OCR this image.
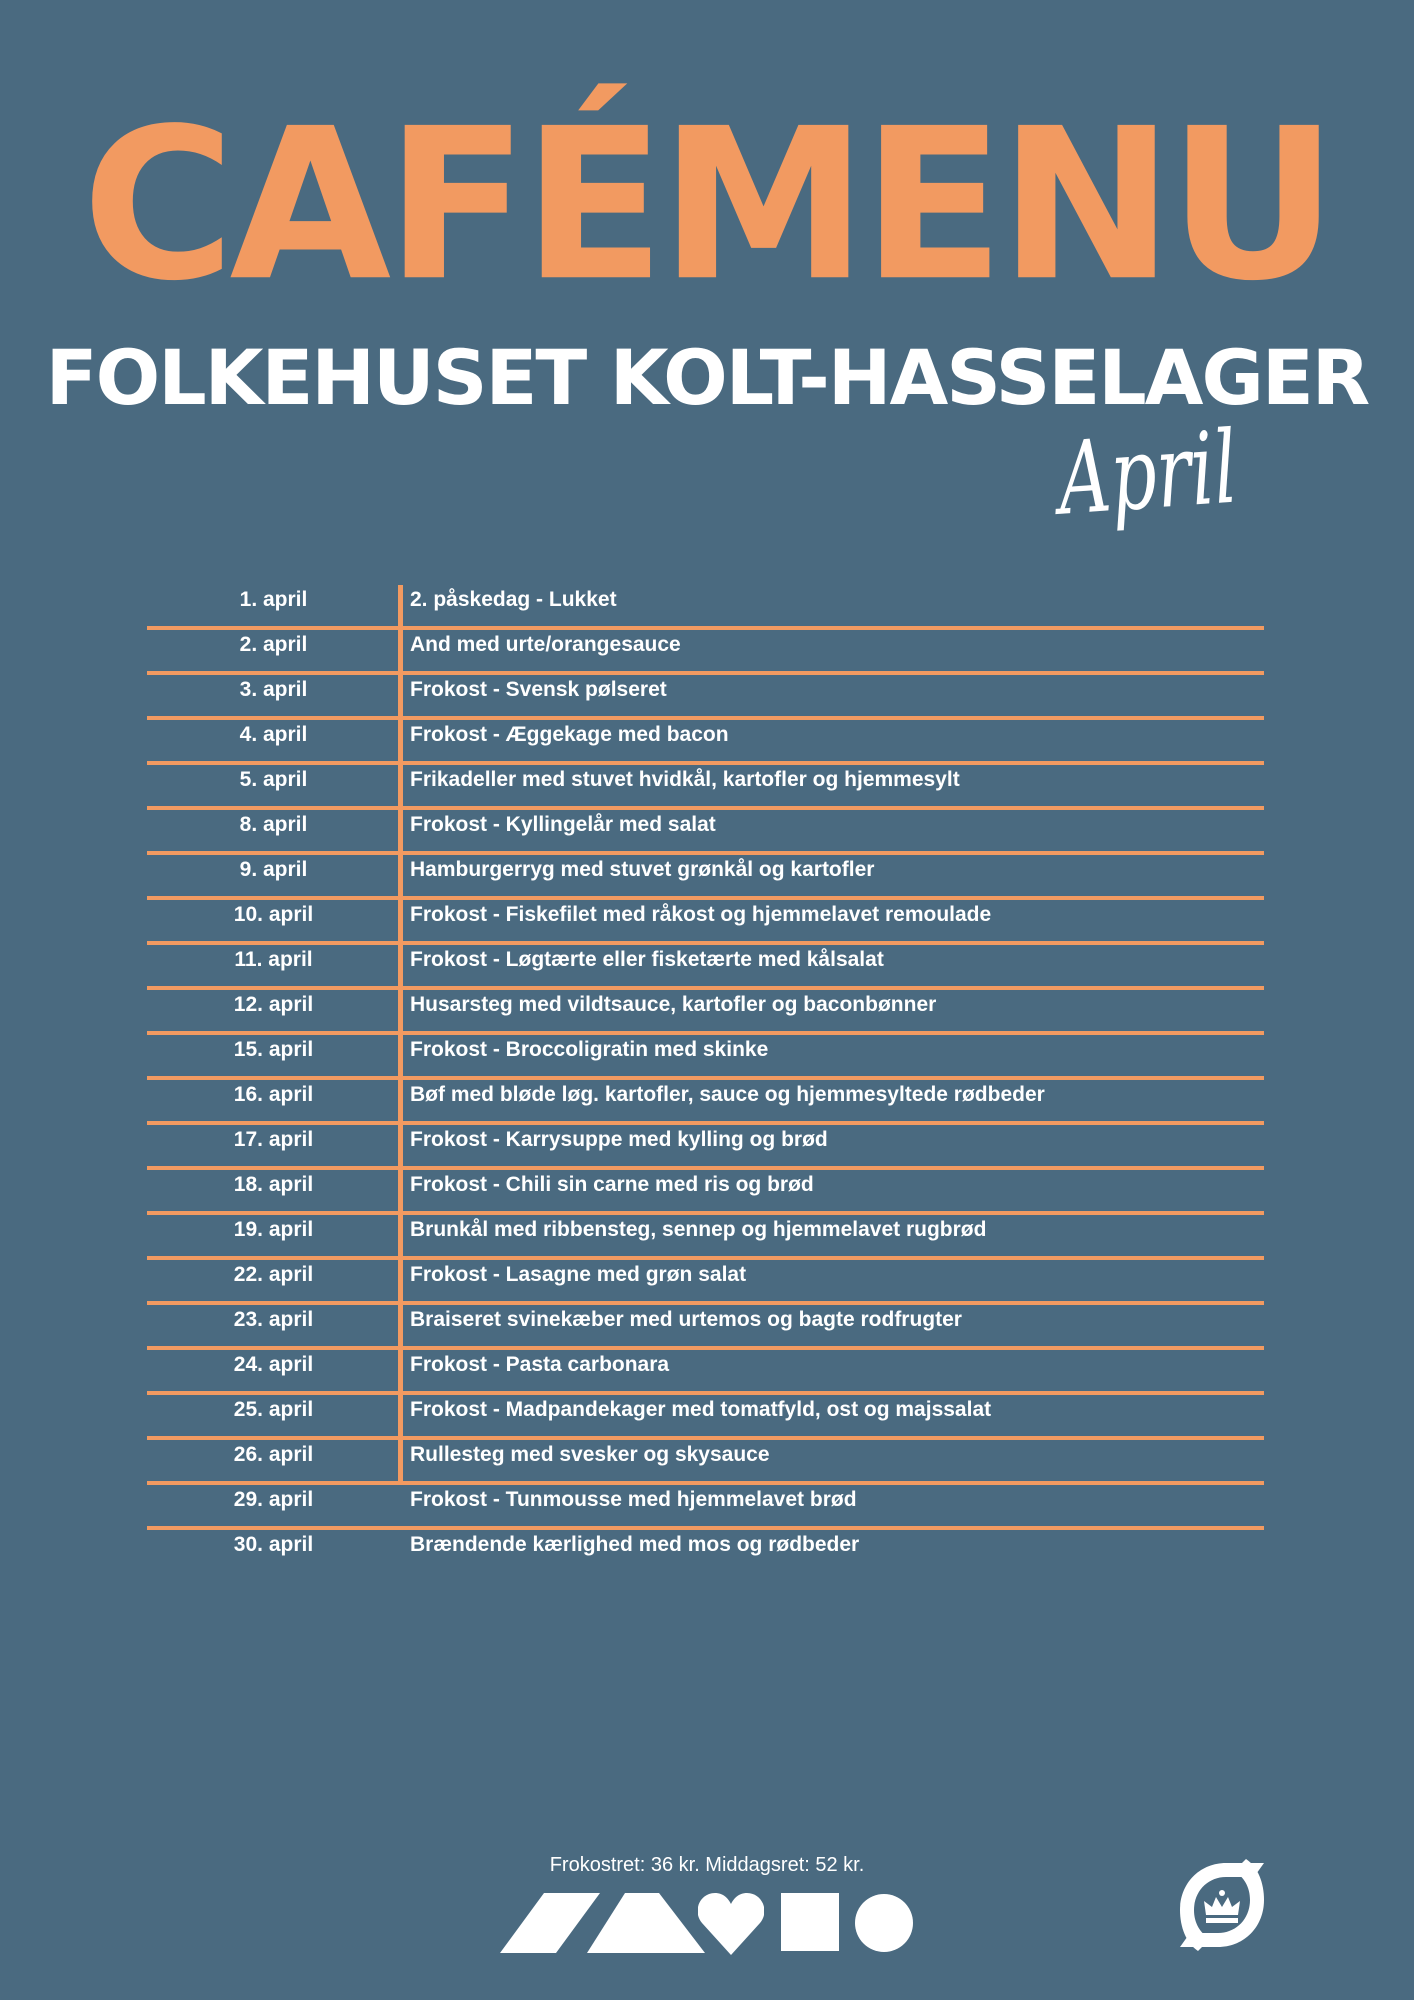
CAFÉMENU
FOLKEHUSET KOLT-HASSELAGER
April
1. april	2. påskedag - Lukket
2. april	And med urte/orangesauce
3. april	Frokost - Svensk pølseret
4. april	Frokost - Æggekage med bacon
5. april	Frikadeller med stuvet hvidkål, kartofler og hjemmesylt
8. april	Frokost - Kyllingelår med salat
9. april	Hamburgerryg med stuvet grønkål og kartofler
10. april	Frokost - Fiskefilet med råkost og hjemmelavet remoulade
11. april	Frokost - Løgtærte eller fisketærte med kålsalat
12. april	Husarsteg med vildtsauce, kartofler og baconbønner
15. april	Frokost - Broccoligratin med skinke
16. april	Bøf med bløde løg. kartofler, sauce og hjemmesyltede rødbeder
17. april	Frokost - Karrysuppe med kylling og brød
18. april	Frokost - Chili sin carne med ris og brød
19. april	Brunkål med ribbensteg, sennep og hjemmelavet rugbrød
22. april	Frokost - Lasagne med grøn salat
23. april	Braiseret svinekæber med urtemos og bagte rodfrugter
24. april	Frokost - Pasta carbonara
25. april	Frokost - Madpandekager med tomatfyld, ost og majssalat
26. april	Rullesteg med svesker og skysauce
29. april	Frokost - Tunmousse med hjemmelavet brød
30. april	Brændende kærlighed med mos og rødbeder
Frokostret: 36 kr. Middagsret: 52 kr.
